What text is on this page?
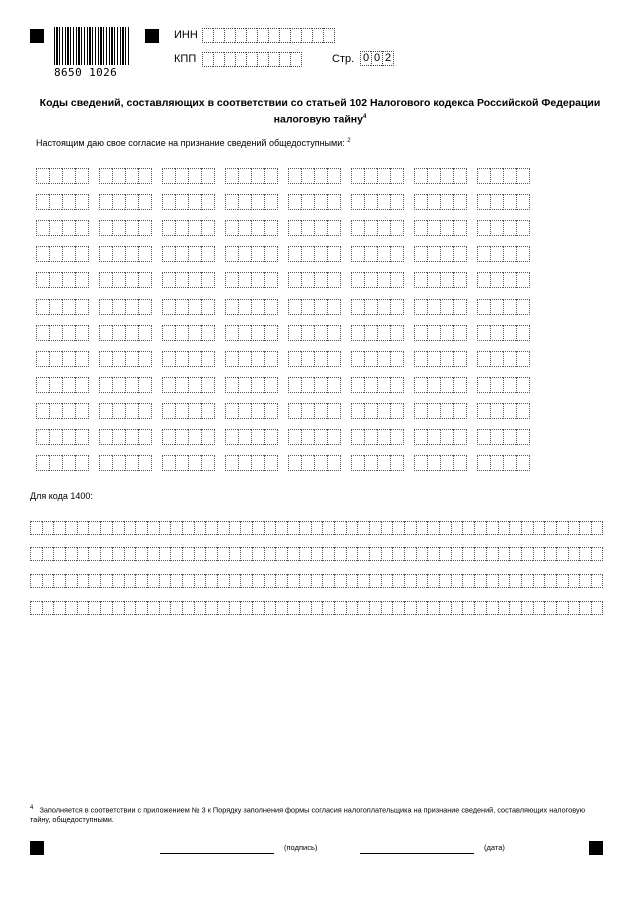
8650 1026
ИНН
КПП	Стр. 0 0 2
Коды сведений, составляющих в соответствии со статьей 102 Налогового кодекса Российской Федерации налоговую тайну$^4$
Настоящим даю свое согласие на признание сведений общедоступными: $^2$
Для кода 1400:
$^4$ Заполняется в соответствии с приложением № 3 к Порядку заполнения формы согласия налогоплательщика на признание сведений, составляющих налоговую тайну, общедоступными.
(подпись)	(дата)
